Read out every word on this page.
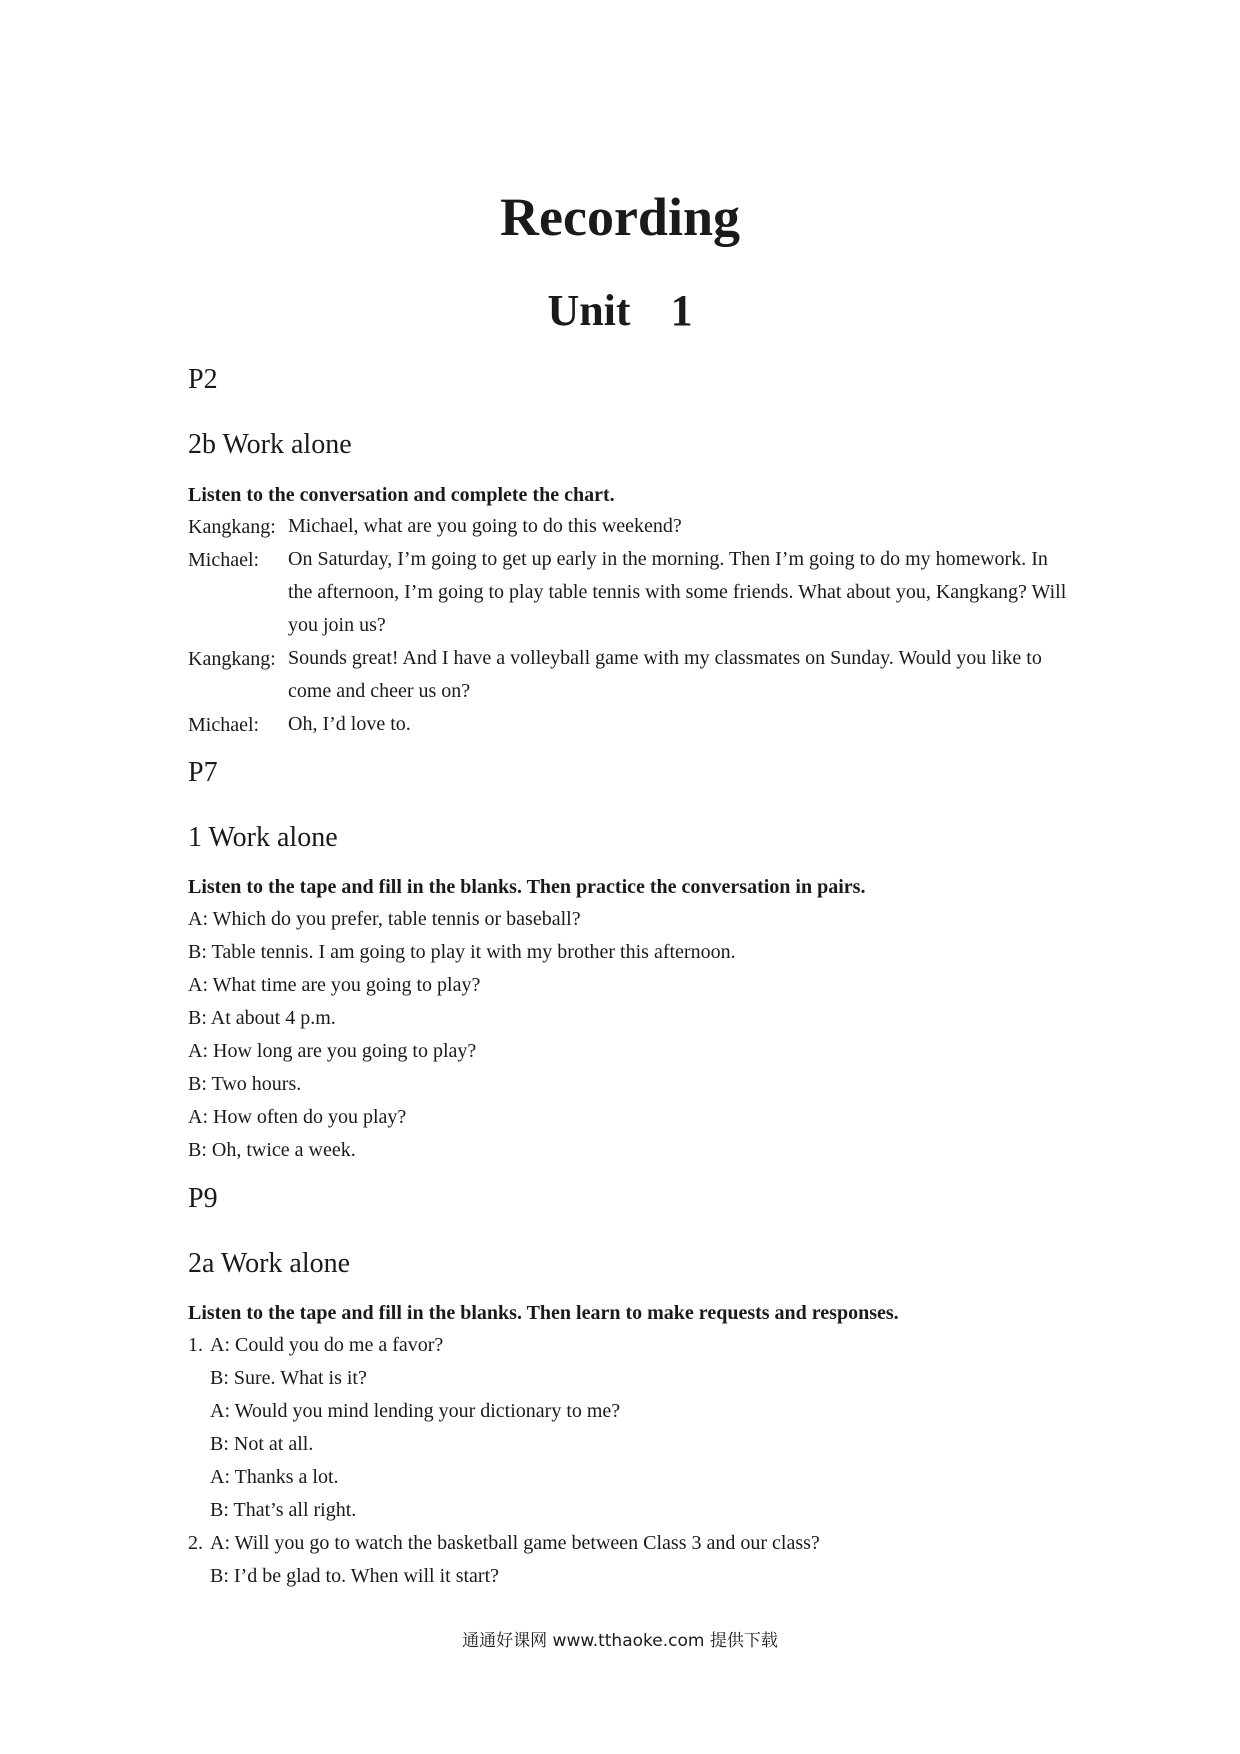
Recording
Unit 1
P2
2b Work alone
Listen to the conversation and complete the chart.
Kangkang: Michael, what are you going to do this weekend?
Michael: On Saturday, I’m going to get up early in the morning. Then I’m going to do my homework. In the afternoon, I’m going to play table tennis with some friends. What about you, Kangkang? Will you join us?
Kangkang: Sounds great! And I have a volleyball game with my classmates on Sunday. Would you like to come and cheer us on?
Michael: Oh, I’d love to.
P7
1 Work alone
Listen to the tape and fill in the blanks. Then practice the conversation in pairs.
A: Which do you prefer, table tennis or baseball?
B: Table tennis. I am going to play it with my brother this afternoon.
A: What time are you going to play?
B: At about 4 p.m.
A: How long are you going to play?
B: Two hours.
A: How often do you play?
B: Oh, twice a week.
P9
2a Work alone
Listen to the tape and fill in the blanks. Then learn to make requests and responses.
1. A: Could you do me a favor?
B: Sure. What is it?
A: Would you mind lending your dictionary to me?
B: Not at all.
A: Thanks a lot.
B: That’s all right.
2. A: Will you go to watch the basketball game between Class 3 and our class?
B: I’d be glad to. When will it start?
通通好课网 www.tthaoke.com 提供下载
